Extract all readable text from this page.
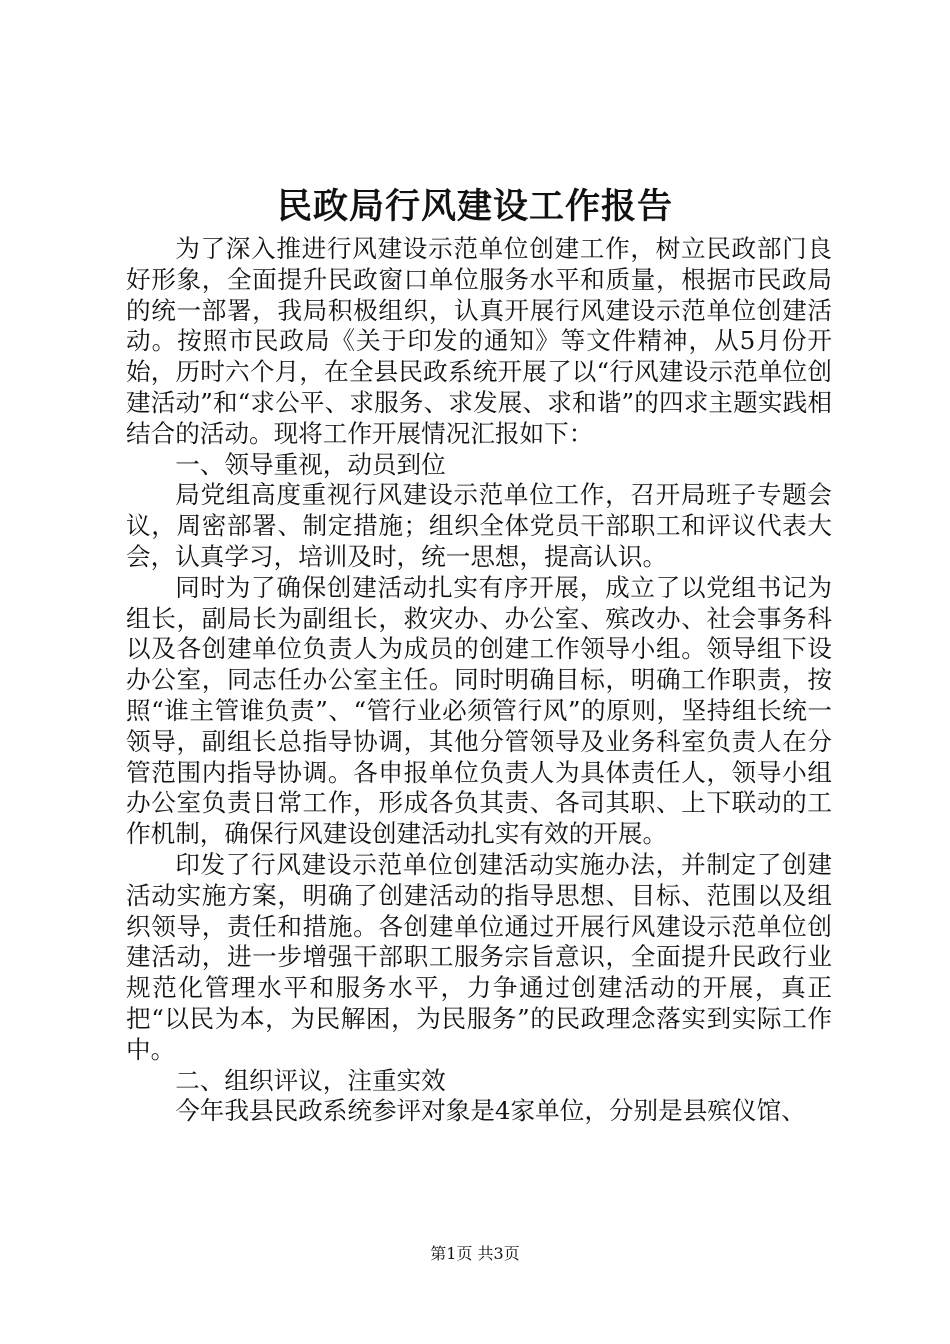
民政局行风建设工作报告

为了深入推进行风建设示范单位创建工作，树立民政部门良好形象，全面提升民政窗口单位服务水平和质量，根据市民政局的统一部署，我局积极组织，认真开展行风建设示范单位创建活动。按照市民政局《关于印发的通知》等文件精神，从5月份开始，历时六个月，在全县民政系统开展了以“行风建设示范单位创建活动”和“求公平、求服务、求发展、求和谐”的四求主题实践相结合的活动。现将工作开展情况汇报如下：

一、领导重视，动员到位

局党组高度重视行风建设示范单位工作，召开局班子专题会议，周密部署、制定措施；组织全体党员干部职工和评议代表大会，认真学习，培训及时，统一思想，提高认识。

同时为了确保创建活动扎实有序开展，成立了以党组书记为组长，副局长为副组长，救灾办、办公室、殡改办、社会事务科以及各创建单位负责人为成员的创建工作领导小组。领导组下设办公室，同志任办公室主任。同时明确目标，明确工作职责，按照“谁主管谁负责”、“管行业必须管行风”的原则，坚持组长统一领导，副组长总指导协调，其他分管领导及业务科室负责人在分管范围内指导协调。各申报单位负责人为具体责任人，领导小组办公室负责日常工作，形成各负其责、各司其职、上下联动的工作机制，确保行风建设创建活动扎实有效的开展。

印发了行风建设示范单位创建活动实施办法，并制定了创建活动实施方案，明确了创建活动的指导思想、目标、范围以及组织领导，责任和措施。各创建单位通过开展行风建设示范单位创建活动，进一步增强干部职工服务宗旨意识，全面提升民政行业规范化管理水平和服务水平，力争通过创建活动的开展，真正把“以民为本，为民解困，为民服务”的民政理念落实到实际工作中。

二、组织评议，注重实效

今年我县民政系统参评对象是4家单位，分别是县殡仪馆、

第1页 共3页
